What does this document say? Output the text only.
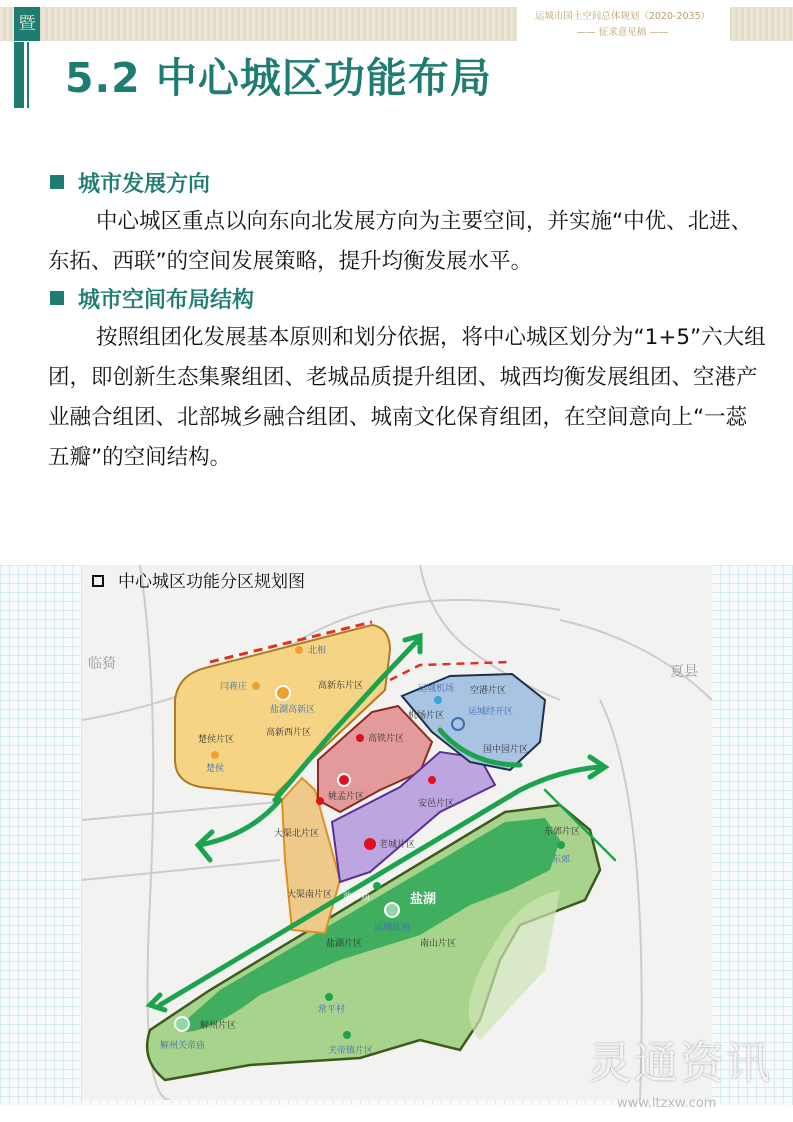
暨	运城市国土空间总体规划（2020-2035）
—— 征求意见稿 ——
5.2 中心城区功能布局
城市发展方向
中心城区重点以向东向北发展方向为主要空间，并实施“中优、北进、东拓、西联”的空间发展策略，提升均衡发展水平。
城市空间布局结构
按照组团化发展基本原则和划分依据，将中心城区划分为“1+5”六大组团，即创新生态集聚组团、老城品质提升组团、城西均衡发展组团、空港产业融合组团、北部城乡融合组团、城南文化保育组团，在空间意向上“一蕊五瓣”的空间结构。
临猗	夏县
北相
闫蒋庄
盐湖高新区
高新东片区
高新西片区
楚侯片区
楚侯
高铁片区
姚孟片区
老城片区
安邑片区
空港片区
运城机场
机场片区	运城经开区
国中园片区
大渠北片区
大渠南片区
东郊片区
东郊
盐湖
池神庙
运城盐池
盐湖片区	南山片区
常平村
解州片区
解州关帝庙	关帝镇片区
中心城区功能分区规划图
灵通资讯
www.ltzxw.com
